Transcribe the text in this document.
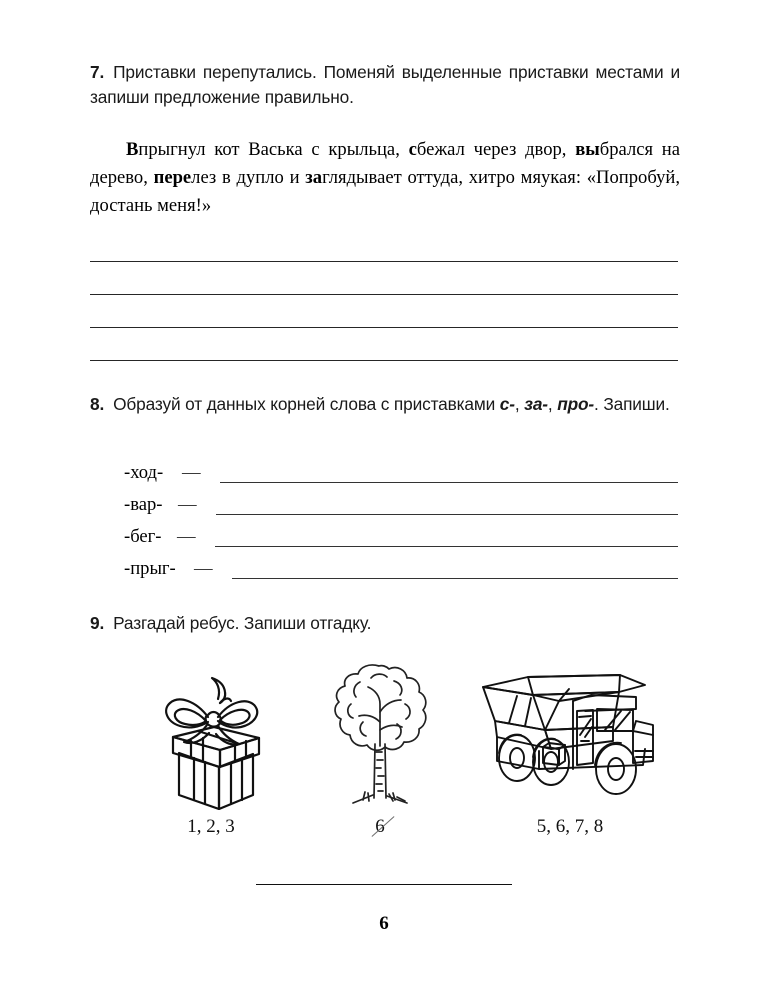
7. Приставки перепутались. Поменяй выделенные приставки местами и запиши предложение правильно.
Впрыгнул кот Васька с крыльца, сбежал через двор, выбрался на дерево, перелез в дупло и заглядывает оттуда, хитро мяукая: «Попробуй, достань меня!»
8. Образуй от данных корней слова с приставками с-, за-, про-. Запиши.
-ход- —
-вар- —
-бег- —
-прыг- —
9. Разгадай ребус. Запиши отгадку.
1, 2, 3	6	5, 6, 7, 8
6
